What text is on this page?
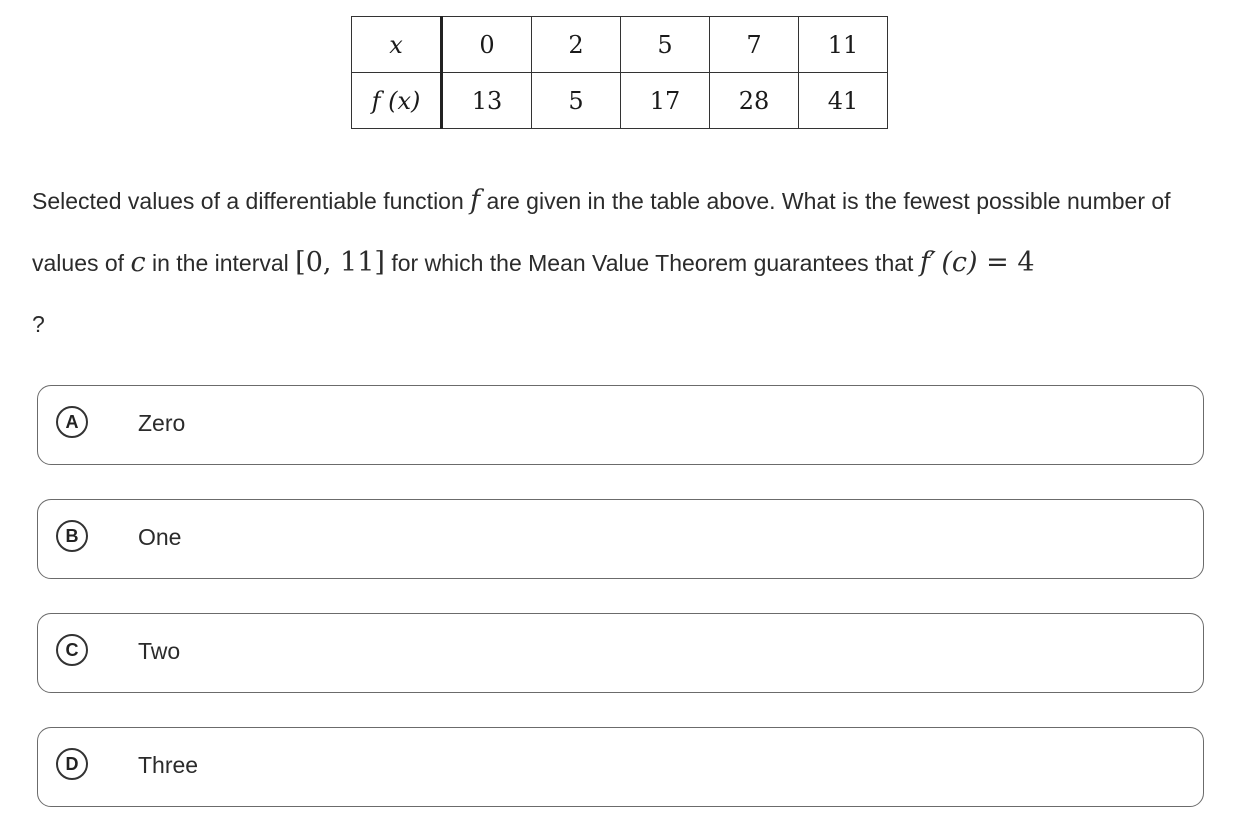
x	0	2	5	7	11
f (x)	13	5	17	28	41
Selected values of a differentiable function f are given in the table above. What is the fewest possible number of values of c in the interval [0, 11] for which the Mean Value Theorem guarantees that f′  (c) = 4
?
A	Zero
B	One
C	Two
D	Three
